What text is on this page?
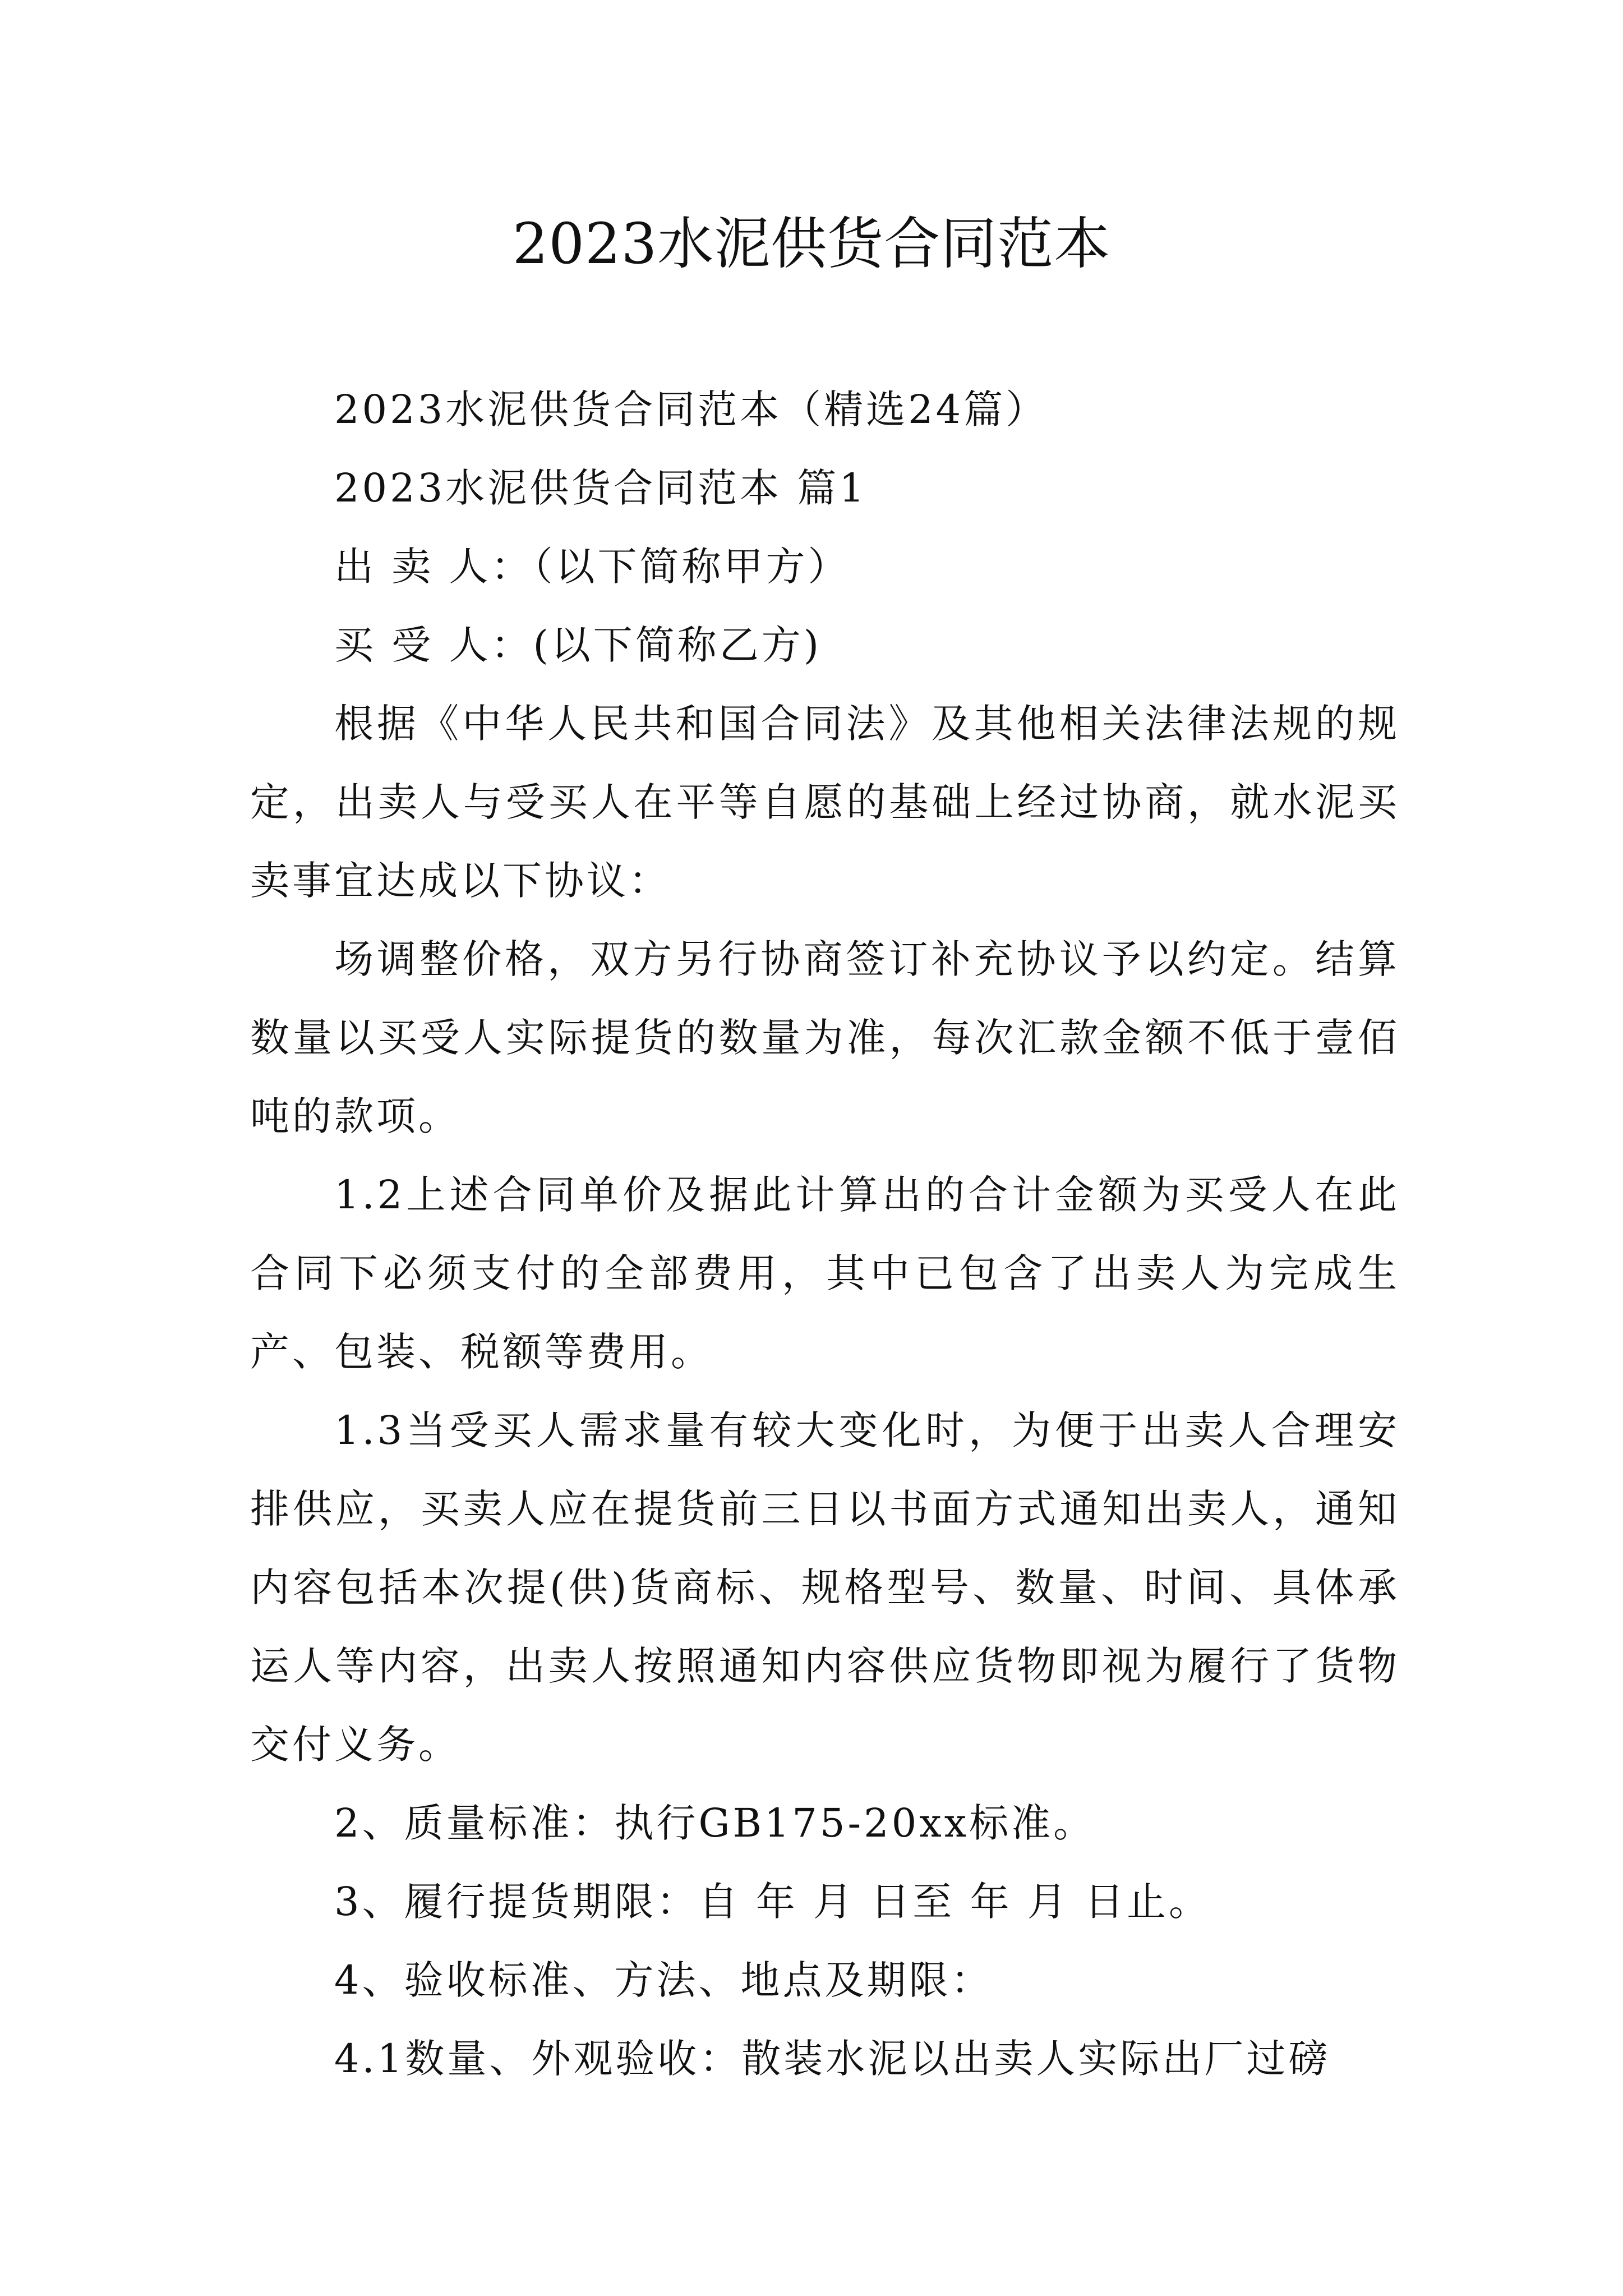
2023水泥供货合同范本

2023水泥供货合同范本（精选24篇）

2023水泥供货合同范本 篇1

出 卖 人：（以下简称甲方）

买 受 人：(以下简称乙方)

根据《中华人民共和国合同法》及其他相关法律法规的规定，出卖人与受买人在平等自愿的基础上经过协商，就水泥买卖事宜达成以下协议：

场调整价格，双方另行协商签订补充协议予以约定。结算数量以买受人实际提货的数量为准，每次汇款金额不低于壹佰吨的款项。

1.2上述合同单价及据此计算出的合计金额为买受人在此合同下必须支付的全部费用，其中已包含了出卖人为完成生产、包装、税额等费用。

1.3当受买人需求量有较大变化时，为便于出卖人合理安排供应，买卖人应在提货前三日以书面方式通知出卖人，通知内容包括本次提(供)货商标、规格型号、数量、时间、具体承运人等内容，出卖人按照通知内容供应货物即视为履行了货物交付义务。

2、质量标准：执行GB175-20xx标准。

3、履行提货期限：自 年 月 日至 年 月 日止。

4、验收标准、方法、地点及期限：

4.1数量、外观验收：散装水泥以出卖人实际出厂过磅
